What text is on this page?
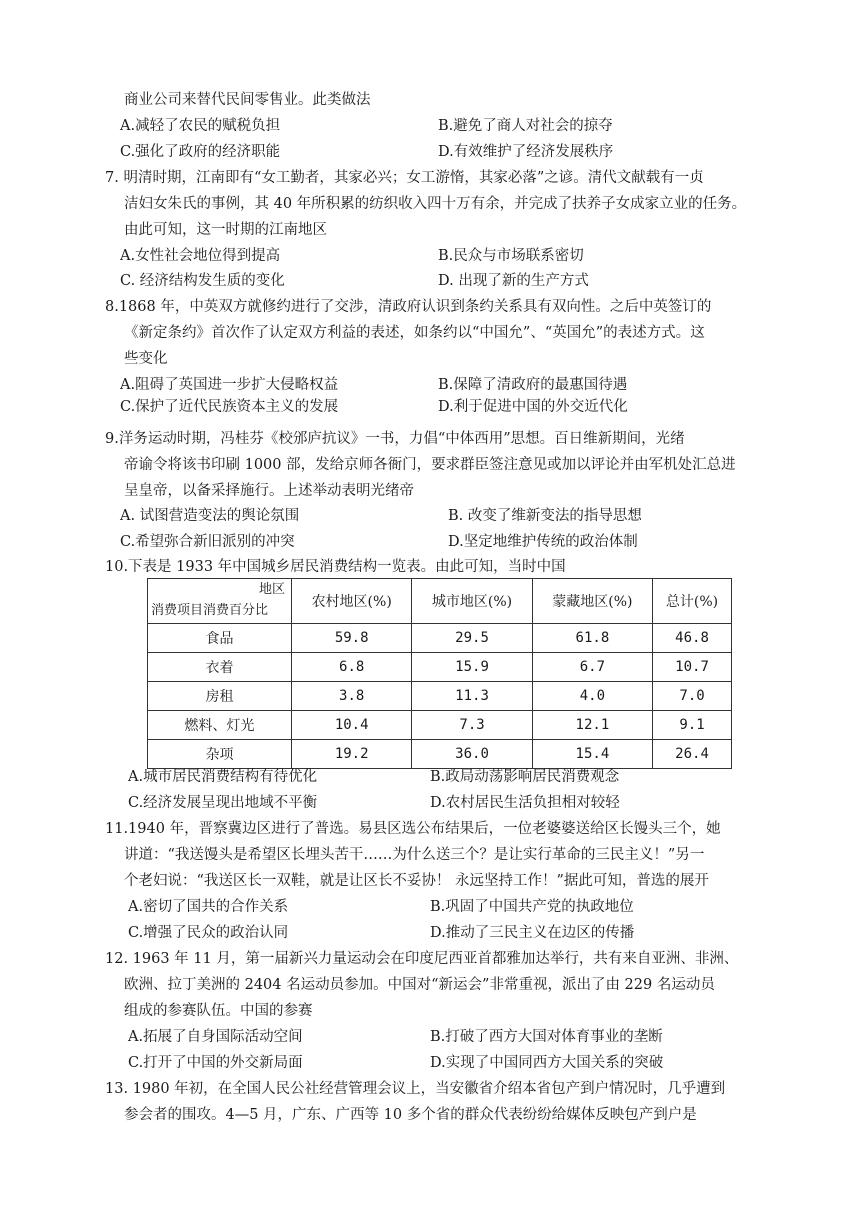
商业公司来替代民间零售业。此类做法
A.减轻了农民的赋税负担	B.避免了商人对社会的掠夺
C.强化了政府的经济职能	D.有效维护了经济发展秩序
7. 明清时期，江南即有“女工勤者，其家必兴；女工游惰，其家必落”之谚。清代文献载有一贞
洁妇女朱氏的事例，其 40 年所积累的纺织收入四十万有余，并完成了扶养子女成家立业的任务。
由此可知，这一时期的江南地区
A.女性社会地位得到提高	B.民众与市场联系密切
C. 经济结构发生质的变化	D. 出现了新的生产方式
8.1868 年，中英双方就修约进行了交涉，清政府认识到条约关系具有双向性。之后中英签订的
《新定条约》首次作了认定双方利益的表述，如条约以“中国允”、“英国允”的表述方式。这
些变化
A.阻碍了英国进一步扩大侵略权益	B.保障了清政府的最惠国待遇
C.保护了近代民族资本主义的发展	D.利于促进中国的外交近代化
9.洋务运动时期，冯桂芬《校邠庐抗议》一书，力倡“中体西用”思想。百日维新期间，光绪
帝谕令将该书印刷 1000 部，发给京师各衙门，要求群臣签注意见或加以评论并由军机处汇总进
呈皇帝，以备采择施行。上述举动表明光绪帝
A. 试图营造变法的舆论氛围	B. 改变了维新变法的指导思想
C.希望弥合新旧派别的冲突	D.坚定地维护传统的政治体制
10.下表是 1933 年中国城乡居民消费结构一览表。由此可知，当时中国
地区
消费项目消费百分比	农村地区(%)	城市地区(%)	蒙藏地区(%)	总计(%)
食品	59.8	29.5	61.8	46.8
衣着	6.8	15.9	6.7	10.7
房租	3.8	11.3	4.0	7.0
燃料、灯光	10.4	7.3	12.1	9.1
杂项	19.2	36.0	15.4	26.4
A.城市居民消费结构有待优化	B.政局动荡影响居民消费观念
C.经济发展呈现出地域不平衡	D.农村居民生活负担相对较轻
11.1940 年，晋察冀边区进行了普选。易县区选公布结果后，一位老婆婆送给区长馒头三个，她
讲道：“我送馒头是希望区长埋头苦干……为什么送三个？是让实行革命的三民主义！”另一
个老妇说：“我送区长一双鞋，就是让区长不妥协！ 永远坚持工作！”据此可知，普选的展开
A.密切了国共的合作关系	B.巩固了中国共产党的执政地位
C.增强了民众的政治认同	D.推动了三民主义在边区的传播
12. 1963 年 11 月，第一届新兴力量运动会在印度尼西亚首都雅加达举行，共有来自亚洲、非洲、
欧洲、拉丁美洲的 2404 名运动员参加。中国对“新运会”非常重视，派出了由 229 名运动员
组成的参赛队伍。中国的参赛
A.拓展了自身国际活动空间	B.打破了西方大国对体育事业的垄断
C.打开了中国的外交新局面	D.实现了中国同西方大国关系的突破
13. 1980 年初，在全国人民公社经营管理会议上，当安徽省介绍本省包产到户情况时，几乎遭到
参会者的围攻。4—5 月，广东、广西等 10 多个省的群众代表纷纷给媒体反映包产到户是
